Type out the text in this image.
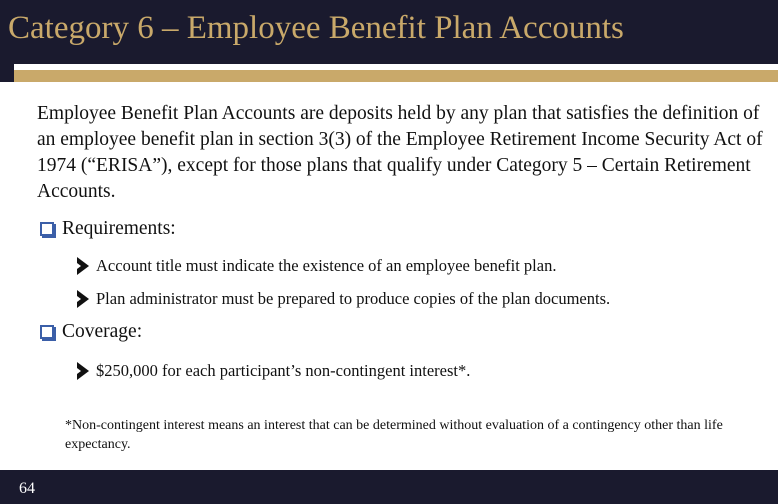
Category 6 – Employee Benefit Plan Accounts
Employee Benefit Plan Accounts are deposits held by any plan that satisfies the definition of an employee benefit plan in section 3(3) of the Employee Retirement Income Security Act of 1974 (“ERISA”), except for those plans that qualify under Category 5 – Certain Retirement Accounts.
Requirements:
Account title must indicate the existence of an employee benefit plan.
Plan administrator must be prepared to produce copies of the plan documents.
Coverage:
$250,000 for each participant’s non-contingent interest*.
*Non-contingent interest means an interest that can be determined without evaluation of a contingency other than life expectancy.
64
